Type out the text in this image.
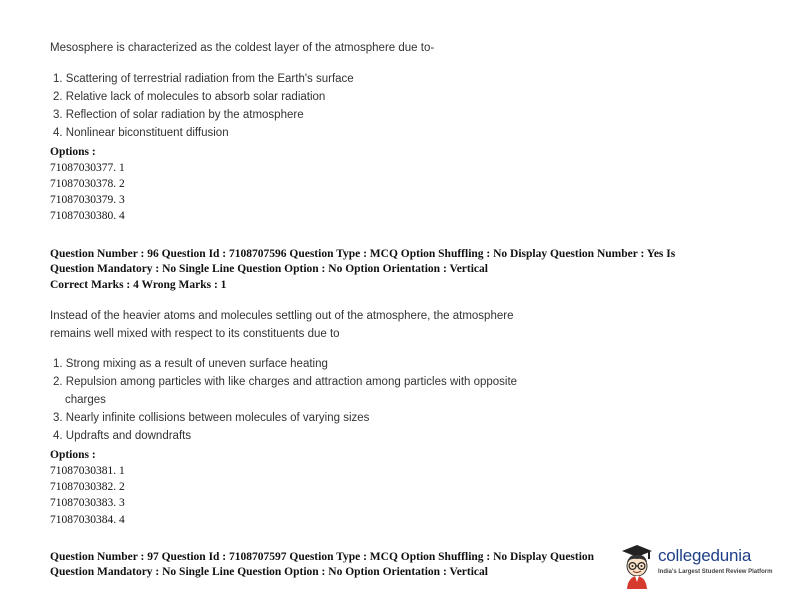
Mesosphere is characterized as the coldest layer of the atmosphere due to-
1. Scattering of terrestrial radiation from the Earth's surface
2. Relative lack of molecules to absorb solar radiation
3. Reflection of solar radiation by the atmosphere
4. Nonlinear biconstituent diffusion
Options :
71087030377. 1
71087030378. 2
71087030379. 3
71087030380. 4
Question Number : 96 Question Id : 7108707596 Question Type : MCQ Option Shuffling : No Display Question Number : Yes Is
Question Mandatory : No Single Line Question Option : No Option Orientation : Vertical
Correct Marks : 4 Wrong Marks : 1
Instead of the heavier atoms and molecules settling out of the atmosphere, the atmosphere
remains well mixed with respect to its constituents due to
1. Strong mixing as a result of uneven surface heating
2. Repulsion among particles with like charges and attraction among particles with opposite
charges
3. Nearly infinite collisions between molecules of varying sizes
4. Updrafts and downdrafts
Options :
71087030381. 1
71087030382. 2
71087030383. 3
71087030384. 4
Question Number : 97 Question Id : 7108707597 Question Type : MCQ Option Shuffling : No Display Question
Question Mandatory : No Single Line Question Option : No Option Orientation : Vertical
collegedunia
India's Largest Student Review Platform
